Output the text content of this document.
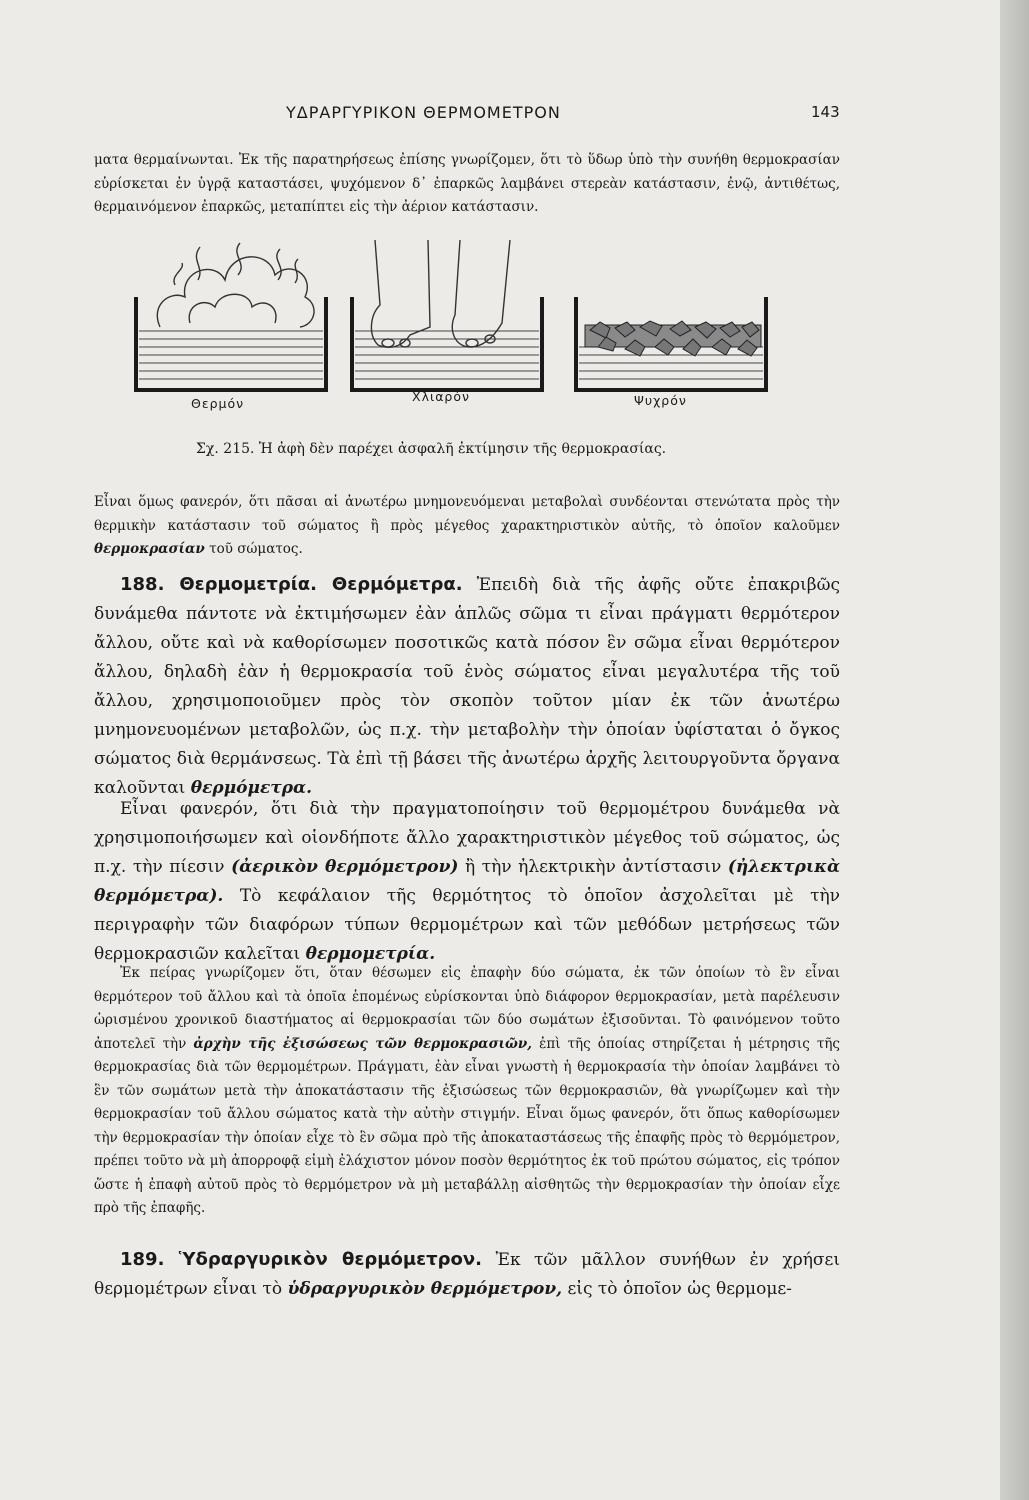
ΥΔΡΑΡΓΥΡΙΚΟΝ ΘΕΡΜΟΜΕΤΡΟΝ	143
ματα θερμαίνωνται. Ἐκ τῆς παρατηρήσεως ἐπίσης γνωρίζομεν, ὅτι τὸ ὕδωρ ὑπὸ τὴν συνήθη θερμοκρασίαν εὑρίσκεται ἐν ὑγρᾷ καταστάσει, ψυχόμενον δ᾽ ἐπαρκῶς λαμβάνει στερεὰν κατάστασιν, ἐνῷ, ἀντιθέτως, θερμαινόμενον ἐπαρκῶς, μεταπίπτει εἰς τὴν ἀέριον κατάστασιν.
Θερμόν	Χλιαρόν	Ψυχρόν
Σχ. 215. Ἡ ἀφὴ δὲν παρέχει ἀσφαλῆ ἐκτίμησιν τῆς θερμοκρασίας.
Εἶναι ὅμως φανερόν, ὅτι πᾶσαι αἱ ἀνωτέρω μνημονευόμεναι μεταβολαὶ συνδέονται στενώτατα πρὸς τὴν θερμικὴν κατάστασιν τοῦ σώματος ἢ πρὸς μέγεθος χαρακτηριστικὸν αὐτῆς, τὸ ὁποῖον καλοῦμεν θερμοκρασίαν τοῦ σώματος.
188. Θερμομετρία. Θερμόμετρα. Ἐπειδὴ διὰ τῆς ἀφῆς οὔτε ἐπακριβῶς δυνάμεθα πάντοτε νὰ ἐκτιμήσωμεν ἐὰν ἁπλῶς σῶμα τι εἶναι πράγματι θερμότερον ἄλλου, οὔτε καὶ νὰ καθορίσωμεν ποσοτικῶς κατὰ πόσον ἓν σῶμα εἶναι θερμότερον ἄλλου, δηλαδὴ ἐὰν ἡ θερμοκρασία τοῦ ἑνὸς σώματος εἶναι μεγαλυτέρα τῆς τοῦ ἄλλου, χρησιμοποιοῦμεν πρὸς τὸν σκοπὸν τοῦτον μίαν ἐκ τῶν ἀνωτέρω μνημονευομένων μεταβολῶν, ὡς π.χ. τὴν μεταβολὴν τὴν ὁποίαν ὑφίσταται ὁ ὄγκος σώματος διὰ θερμάνσεως. Τὰ ἐπὶ τῇ βάσει τῆς ἀνωτέρω ἀρχῆς λειτουργοῦντα ὄργανα καλοῦνται θερμόμετρα.
Εἶναι φανερόν, ὅτι διὰ τὴν πραγματοποίησιν τοῦ θερμομέτρου δυνάμεθα νὰ χρησιμοποιήσωμεν καὶ οἱονδήποτε ἄλλο χαρακτηριστικὸν μέγεθος τοῦ σώματος, ὡς π.χ. τὴν πίεσιν (ἀερικὸν θερμόμετρον) ἢ τὴν ἠλεκτρικὴν ἀντίστασιν (ἠλεκτρικὰ θερμόμετρα). Τὸ κεφάλαιον τῆς θερμότητος τὸ ὁποῖον ἀσχολεῖται μὲ τὴν περιγραφὴν τῶν διαφόρων τύπων θερμομέτρων καὶ τῶν μεθόδων μετρήσεως τῶν θερμοκρασιῶν καλεῖται θερμομετρία.
Ἐκ πείρας γνωρίζομεν ὅτι, ὅταν θέσωμεν εἰς ἐπαφὴν δύο σώματα, ἐκ τῶν ὁποίων τὸ ἓν εἶναι θερμότερον τοῦ ἄλλου καὶ τὰ ὁποῖα ἑπομένως εὑρίσκονται ὑπὸ διάφορον θερμοκρασίαν, μετὰ παρέλευσιν ὡρισμένου χρονικοῦ διαστήματος αἱ θερμοκρασίαι τῶν δύο σωμάτων ἐξισοῦνται. Τὸ φαινόμενον τοῦτο ἀποτελεῖ τὴν ἀρχὴν τῆς ἐξισώσεως τῶν θερμοκρασιῶν, ἐπὶ τῆς ὁποίας στηρίζεται ἡ μέτρησις τῆς θερμοκρασίας διὰ τῶν θερμομέτρων. Πράγματι, ἐὰν εἶναι γνωστὴ ἡ θερμοκρασία τὴν ὁποίαν λαμβάνει τὸ ἓν τῶν σωμάτων μετὰ τὴν ἀποκατάστασιν τῆς ἐξισώσεως τῶν θερμοκρασιῶν, θὰ γνωρίζωμεν καὶ τὴν θερμοκρασίαν τοῦ ἄλλου σώματος κατὰ τὴν αὐτὴν στιγμήν. Εἶναι ὅμως φανερόν, ὅτι ὅπως καθορίσωμεν τὴν θερμοκρασίαν τὴν ὁποίαν εἶχε τὸ ἓν σῶμα πρὸ τῆς ἀποκαταστάσεως τῆς ἐπαφῆς πρὸς τὸ θερμόμετρον, πρέπει τοῦτο νὰ μὴ ἀπορροφᾷ εἰμὴ ἐλάχιστον μόνον ποσὸν θερμότητος ἐκ τοῦ πρώτου σώματος, εἰς τρόπον ὥστε ἡ ἐπαφὴ αὐτοῦ πρὸς τὸ θερμόμετρον νὰ μὴ μεταβάλλῃ αἰσθητῶς τὴν θερμοκρασίαν τὴν ὁποίαν εἶχε πρὸ τῆς ἐπαφῆς.
189. Ὑδραργυρικὸν θερμόμετρον. Ἐκ τῶν μᾶλλον συνήθων ἐν χρήσει θερμομέτρων εἶναι τὸ ὑδραργυρικὸν θερμόμετρον, εἰς τὸ ὁποῖον ὡς θερμομε-
